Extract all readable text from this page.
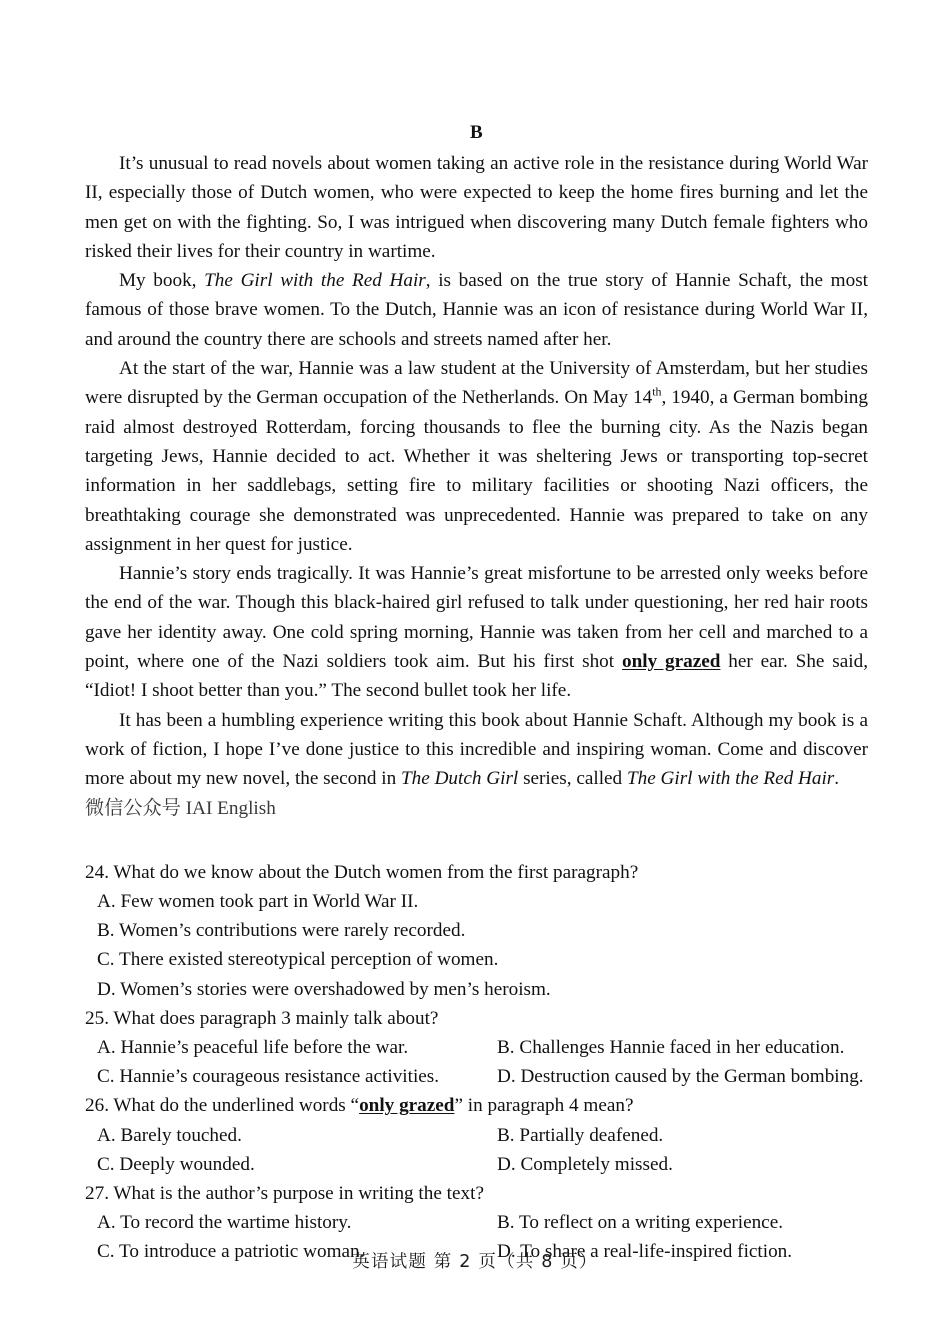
B

It’s unusual to read novels about women taking an active role in the resistance during World War II, especially those of Dutch women, who were expected to keep the home fires burning and let the men get on with the fighting. So, I was intrigued when discovering many Dutch female fighters who risked their lives for their country in wartime.

My book, The Girl with the Red Hair, is based on the true story of Hannie Schaft, the most famous of those brave women. To the Dutch, Hannie was an icon of resistance during World War II, and around the country there are schools and streets named after her.

At the start of the war, Hannie was a law student at the University of Amsterdam, but her studies were disrupted by the German occupation of the Netherlands. On May 14th, 1940, a German bombing raid almost destroyed Rotterdam, forcing thousands to flee the burning city. As the Nazis began targeting Jews, Hannie decided to act. Whether it was sheltering Jews or transporting top-secret information in her saddlebags, setting fire to military facilities or shooting Nazi officers, the breathtaking courage she demonstrated was unprecedented. Hannie was prepared to take on any assignment in her quest for justice.

Hannie’s story ends tragically. It was Hannie’s great misfortune to be arrested only weeks before the end of the war. Though this black-haired girl refused to talk under questioning, her red hair roots gave her identity away. One cold spring morning, Hannie was taken from her cell and marched to a point, where one of the Nazi soldiers took aim. But his first shot only grazed her ear. She said, “Idiot! I shoot better than you.” The second bullet took her life.

It has been a humbling experience writing this book about Hannie Schaft. Although my book is a work of fiction, I hope I’ve done justice to this incredible and inspiring woman. Come and discover more about my new novel, the second in The Dutch Girl series, called The Girl with the Red Hair.

微信公众号 IAI English

24. What do we know about the Dutch women from the first paragraph?

A. Few women took part in World War II.
B. Women’s contributions were rarely recorded.
C. There existed stereotypical perception of women.
D. Women’s stories were overshadowed by men’s heroism.

25. What does paragraph 3 mainly talk about?

A. Hannie’s peaceful life before the war.	B. Challenges Hannie faced in her education.
C. Hannie’s courageous resistance activities.	D. Destruction caused by the German bombing.

26. What do the underlined words “only grazed” in paragraph 4 mean?

A. Barely touched.	B. Partially deafened.
C. Deeply wounded.	D. Completely missed.

27. What is the author’s purpose in writing the text?

A. To record the wartime history.	B. To reflect on a writing experience.
C. To introduce a patriotic woman.	D. To share a real-life-inspired fiction.
英语试题 第 2 页（共 8 页）
